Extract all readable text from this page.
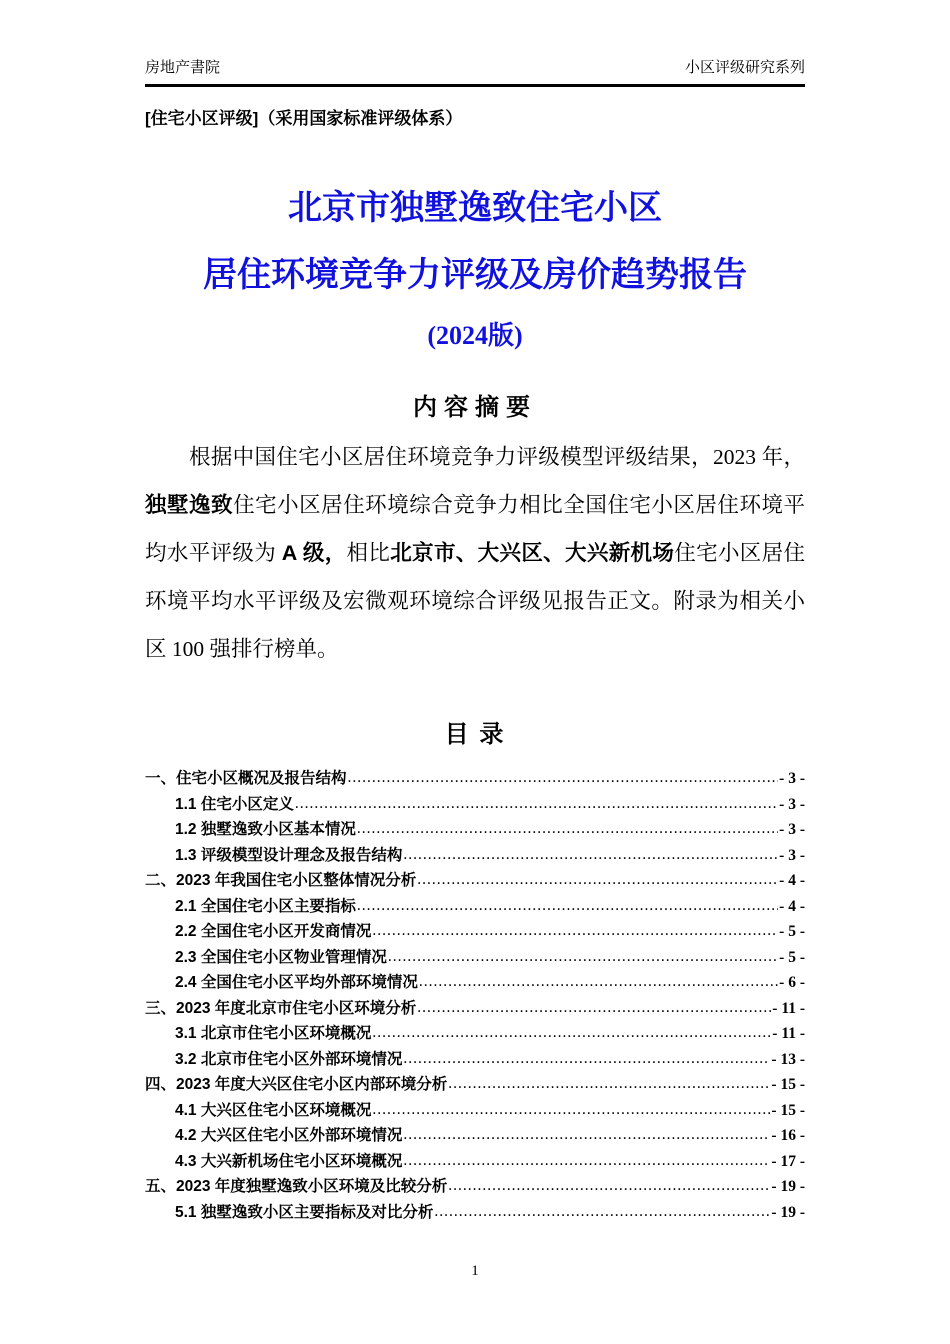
房地产書院	小区评级研究系列
[住宅小区评级]（采用国家标准评级体系）
北京市独墅逸致住宅小区
居住环境竞争力评级及房价趋势报告
(2024版)
内容摘要
根据中国住宅小区居住环境竞争力评级模型评级结果，2023 年，独墅逸致住宅小区居住环境综合竞争力相比全国住宅小区居住环境平均水平评级为 A 级，相比北京市、大兴区、大兴新机场住宅小区居住环境平均水平评级及宏微观环境综合评级见报告正文。附录为相关小区 100 强排行榜单。
目 录
一、住宅小区概况及报告结构 .....	- 3 -
1.1 住宅小区定义 .....	- 3 -
1.2 独墅逸致小区基本情况 .....	- 3 -
1.3 评级模型设计理念及报告结构 .....	- 3 -
二、2023 年我国住宅小区整体情况分析 .....	- 4 -
2.1 全国住宅小区主要指标 .....	- 4 -
2.2 全国住宅小区开发商情况 .....	- 5 -
2.3 全国住宅小区物业管理情况 .....	- 5 -
2.4 全国住宅小区平均外部环境情况 .....	- 6 -
三、2023 年度北京市住宅小区环境分析 .....	- 11 -
3.1 北京市住宅小区环境概况 .....	- 11 -
3.2 北京市住宅小区外部环境情况 .....	- 13 -
四、2023 年度大兴区住宅小区内部环境分析 .....	- 15 -
4.1 大兴区住宅小区环境概况 .....	- 15 -
4.2 大兴区住宅小区外部环境情况 .....	- 16 -
4.3 大兴新机场住宅小区环境概况 .....	- 17 -
五、2023 年度独墅逸致小区环境及比较分析 .....	- 19 -
5.1 独墅逸致小区主要指标及对比分析 .....	- 19 -
1
